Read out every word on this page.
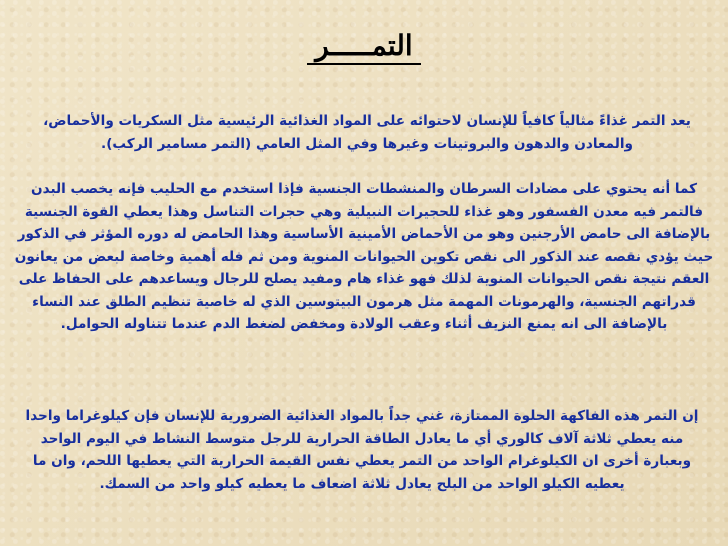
التمـــــر

يعد التمر غذاءً مثالياً كافياً للإنسان لاحتوائه على المواد الغذائية الرئيسية مثل السكريات والأحماض، والمعادن والدهون والبروتينات وغيرها وفي المثل العامي (التمر مسامير الركب).

كما أنه يحتوي على مضادات السرطان والمنشطات الجنسية فإذا استخدم مع الحليب فإنه يخصب البدن فالتمر فيه معدن الفسفور وهو غذاء للحجيرات النبيلية وهي حجرات التناسل وهذا يعطي القوة الجنسية بالإضافة الى حامض الأرجنين وهو من الأحماض الأمينية الأساسية وهذا الحامض له دوره المؤثر في الذكور حيث يؤدي نقصه عند الذكور الى نقص تكوين الحيوانات المنوية ومن ثم فله أهمية وخاصة لبعض من يعانون العقم نتيجة نقص الحيوانات المنوية لذلك فهو غذاء هام ومفيد يصلح للرجال ويساعدهم على الحفاظ على قدراتهم الجنسية، والهرمونات المهمة مثل هرمون البيتوسين الذي له خاصية تنظيم الطلق عند النساء بالإضافة الى انه يمنع النزيف أثناء وعقب الولادة ومخفض لضغط الدم عندما تتناوله الحوامل.

إن التمر هذه الفاكهة الحلوة الممتازة، غني جداً بالمواد الغذائية الضرورية للإنسان فإن كيلوغراما واحدا منه يعطي ثلاثة آلاف كالوري أي ما يعادل الطاقة الحرارية للرجل متوسط النشاط في اليوم الواحد وبعبارة أخرى ان الكيلوغرام الواحد من التمر يعطي نفس القيمة الحرارية التي يعطيها اللحم، وان ما يعطيه الكيلو الواحد من البلح يعادل ثلاثة اضعاف ما يعطيه كيلو واحد من السمك.
